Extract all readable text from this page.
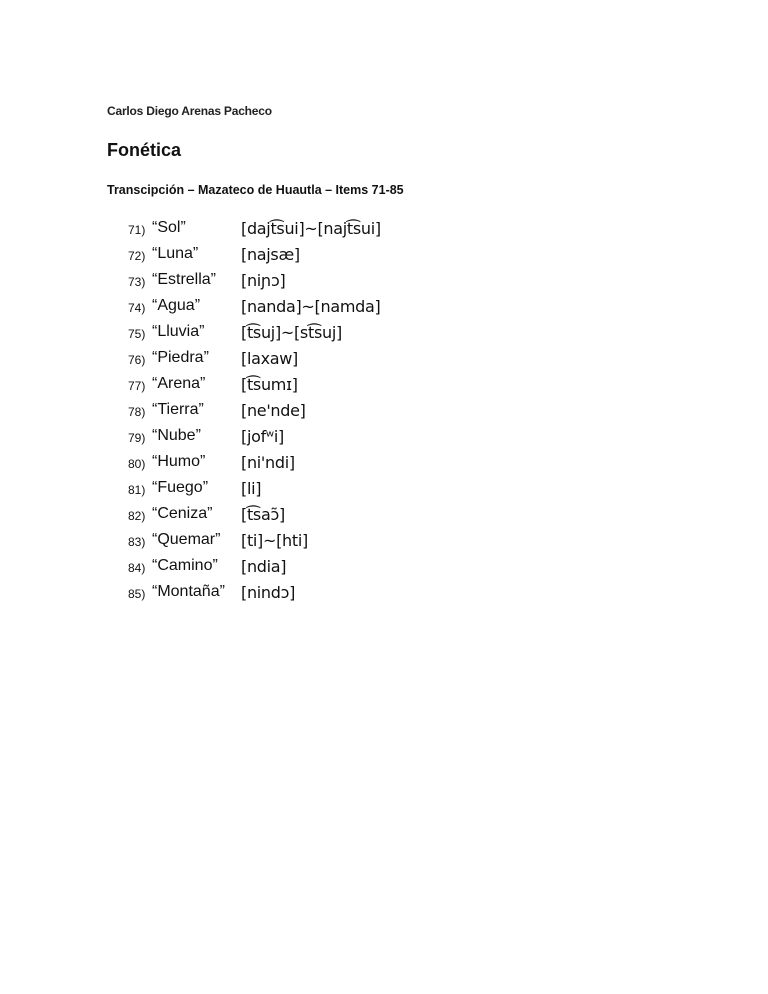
Carlos Diego Arenas Pacheco
Fonética
Transcipción – Mazateco de Huautla – Items 71-85
71) “Sol”	[dajt͡sui]~[najt͡sui]
72) “Luna”	[najsæ]
73) “Estrella” [niɲɔ]
74) “Agua”	[nanda]~[namda]
75) “Lluvia” [t͡suj]~[st͡suj]
76) “Piedra” [laxaw]
77) “Arena” [t͡sumɪ]
78) “Tierra” [ne'nde]
79) “Nube”	[jofʷi]
80) “Humo” [ni'ndi]
81) “Fuego” [li]
82) “Ceniza” [t͡saɔ̃]
83) “Quemar” [ti]~[hti]
84) “Camino” [ndia]
85) “Montaña” [nindɔ]
